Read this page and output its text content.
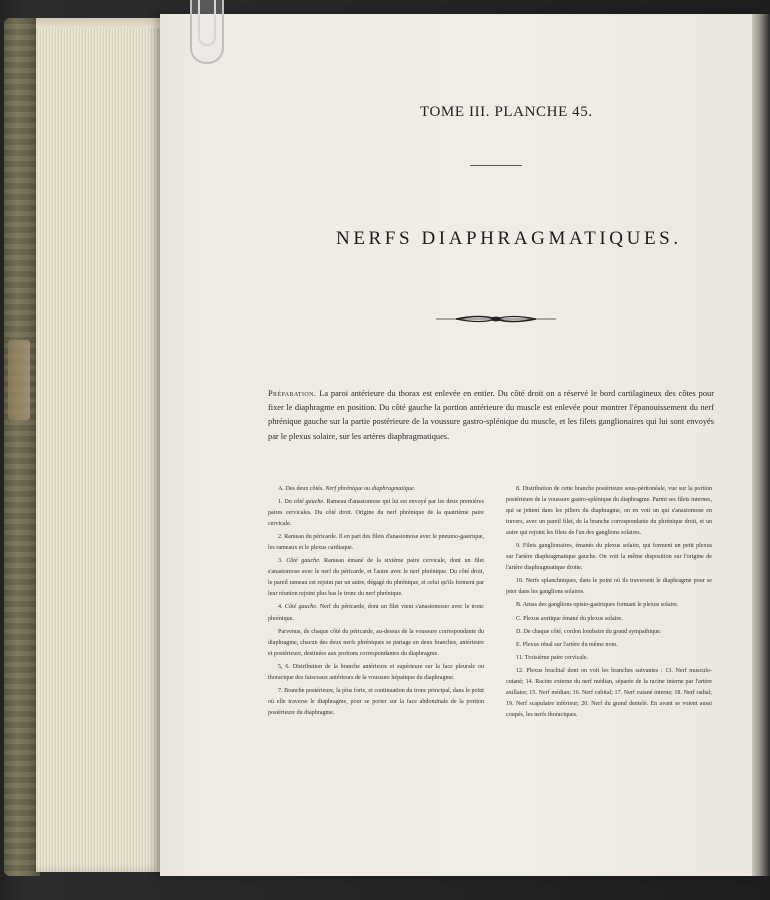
TOME III. PLANCHE 45.
NERFS DIAPHRAGMATIQUES.
Préparation. La paroi antérieure du thorax est enlevée en entier. Du côté droit on a réservé le bord cartilagineux des côtes pour fixer le diaphragme en position. Du côté gauche la portion antérieure du muscle est enlevée pour montrer l'épanouissement du nerf phrénique gauche sur la partie postérieure de la voussure gastro-splénique du muscle, et les filets ganglionaires qui lui sont envoyés par le plexus solaire, sur les artères diaphragmatiques.

A. Des deux côtés. Nerf phrénique ou diaphragmatique.

1. Du côté gauche. Rameau d'anastomose qui lui est envoyé par les deux premières paires cervicales. Du côté droit. Origine du nerf phrénique de la quatrième paire cervicale.

2. Rameau du péricarde. Il en part des filets d'anastomose avec le pneumo-gastrique, les rameaux et le plexus cardiaque.

3. Côté gauche. Rameau émané de la sixième paire cervicale, dont un filet s'anastomose avec le nerf du péricarde, et l'autre avec le nerf phrénique. Du côté droit, le pareil rameau est rejoint par un autre, dégagé du phrénique, et celui qu'ils forment par leur réunion rejoint plus bas le tronc du nerf phrénique.

4. Côté gauche. Nerf du péricarde, dont un filet vient s'anastomoser avec le tronc phrénique.

Parvenus, de chaque côté du péricarde, au-dessus de la voussure correspondante du diaphragme, chacun des deux nerfs phréniques se partage en deux branches, antérieure et postérieure, destinées aux portions correspondantes du diaphragme.

5, 6. Distribution de la branche antérieure et supérieure sur la face pleurale ou thoracique des faisceaux antérieurs de la voussure hépatique du diaphragme.

7. Branche postérieure, la plus forte, et continuation du tronc principal, dans le point où elle traverse le diaphragme, pour se porter sur la face abdominale de la portion postérieure du diaphragme.

8. Distribution de cette branche postérieure sous-péritonéale, vue sur la portion postérieure de la voussure gastro-splénique du diaphragme. Parmi ses filets internes, qui se jettent dans les piliers du diaphragme, on en voit un qui s'anastomose en travers, avec un pareil filet, de la branche correspondante du phrénique droit, et un autre qui rejoint les filets de l'un des ganglions solaires.

9. Filets ganglionaires, émanés du plexus solaire, qui forment un petit plexus sur l'artère diaphragmatique gauche. On voit la même disposition sur l'origine de l'artère diaphragmatique droite.

10. Nerfs splanchniques, dans le point où ils traversent le diaphragme pour se jeter dans les ganglions solaires.

B. Amas des ganglions opisto-gastriques formant le plexus solaire.

C. Plexus aortique émané du plexus solaire.

D. De chaque côté, cordon lombaire du grand sympathique.

E. Plexus rénal sur l'artère du même nom.

11. Troisième paire cervicale.

12. Plexus brachial dont on voit les branches suivantes : 13. Nerf musculo-cutané; 14. Racine externe du nerf médian, séparée de la racine interne par l'artère axillaire; 15. Nerf médian; 16. Nerf cubital; 17. Nerf cutané interne; 18. Nerf radial; 19. Nerf scapulaire inférieur; 20. Nerf du grand dentelé. En avant se voient aussi coupés, les nerfs thoraciques.
